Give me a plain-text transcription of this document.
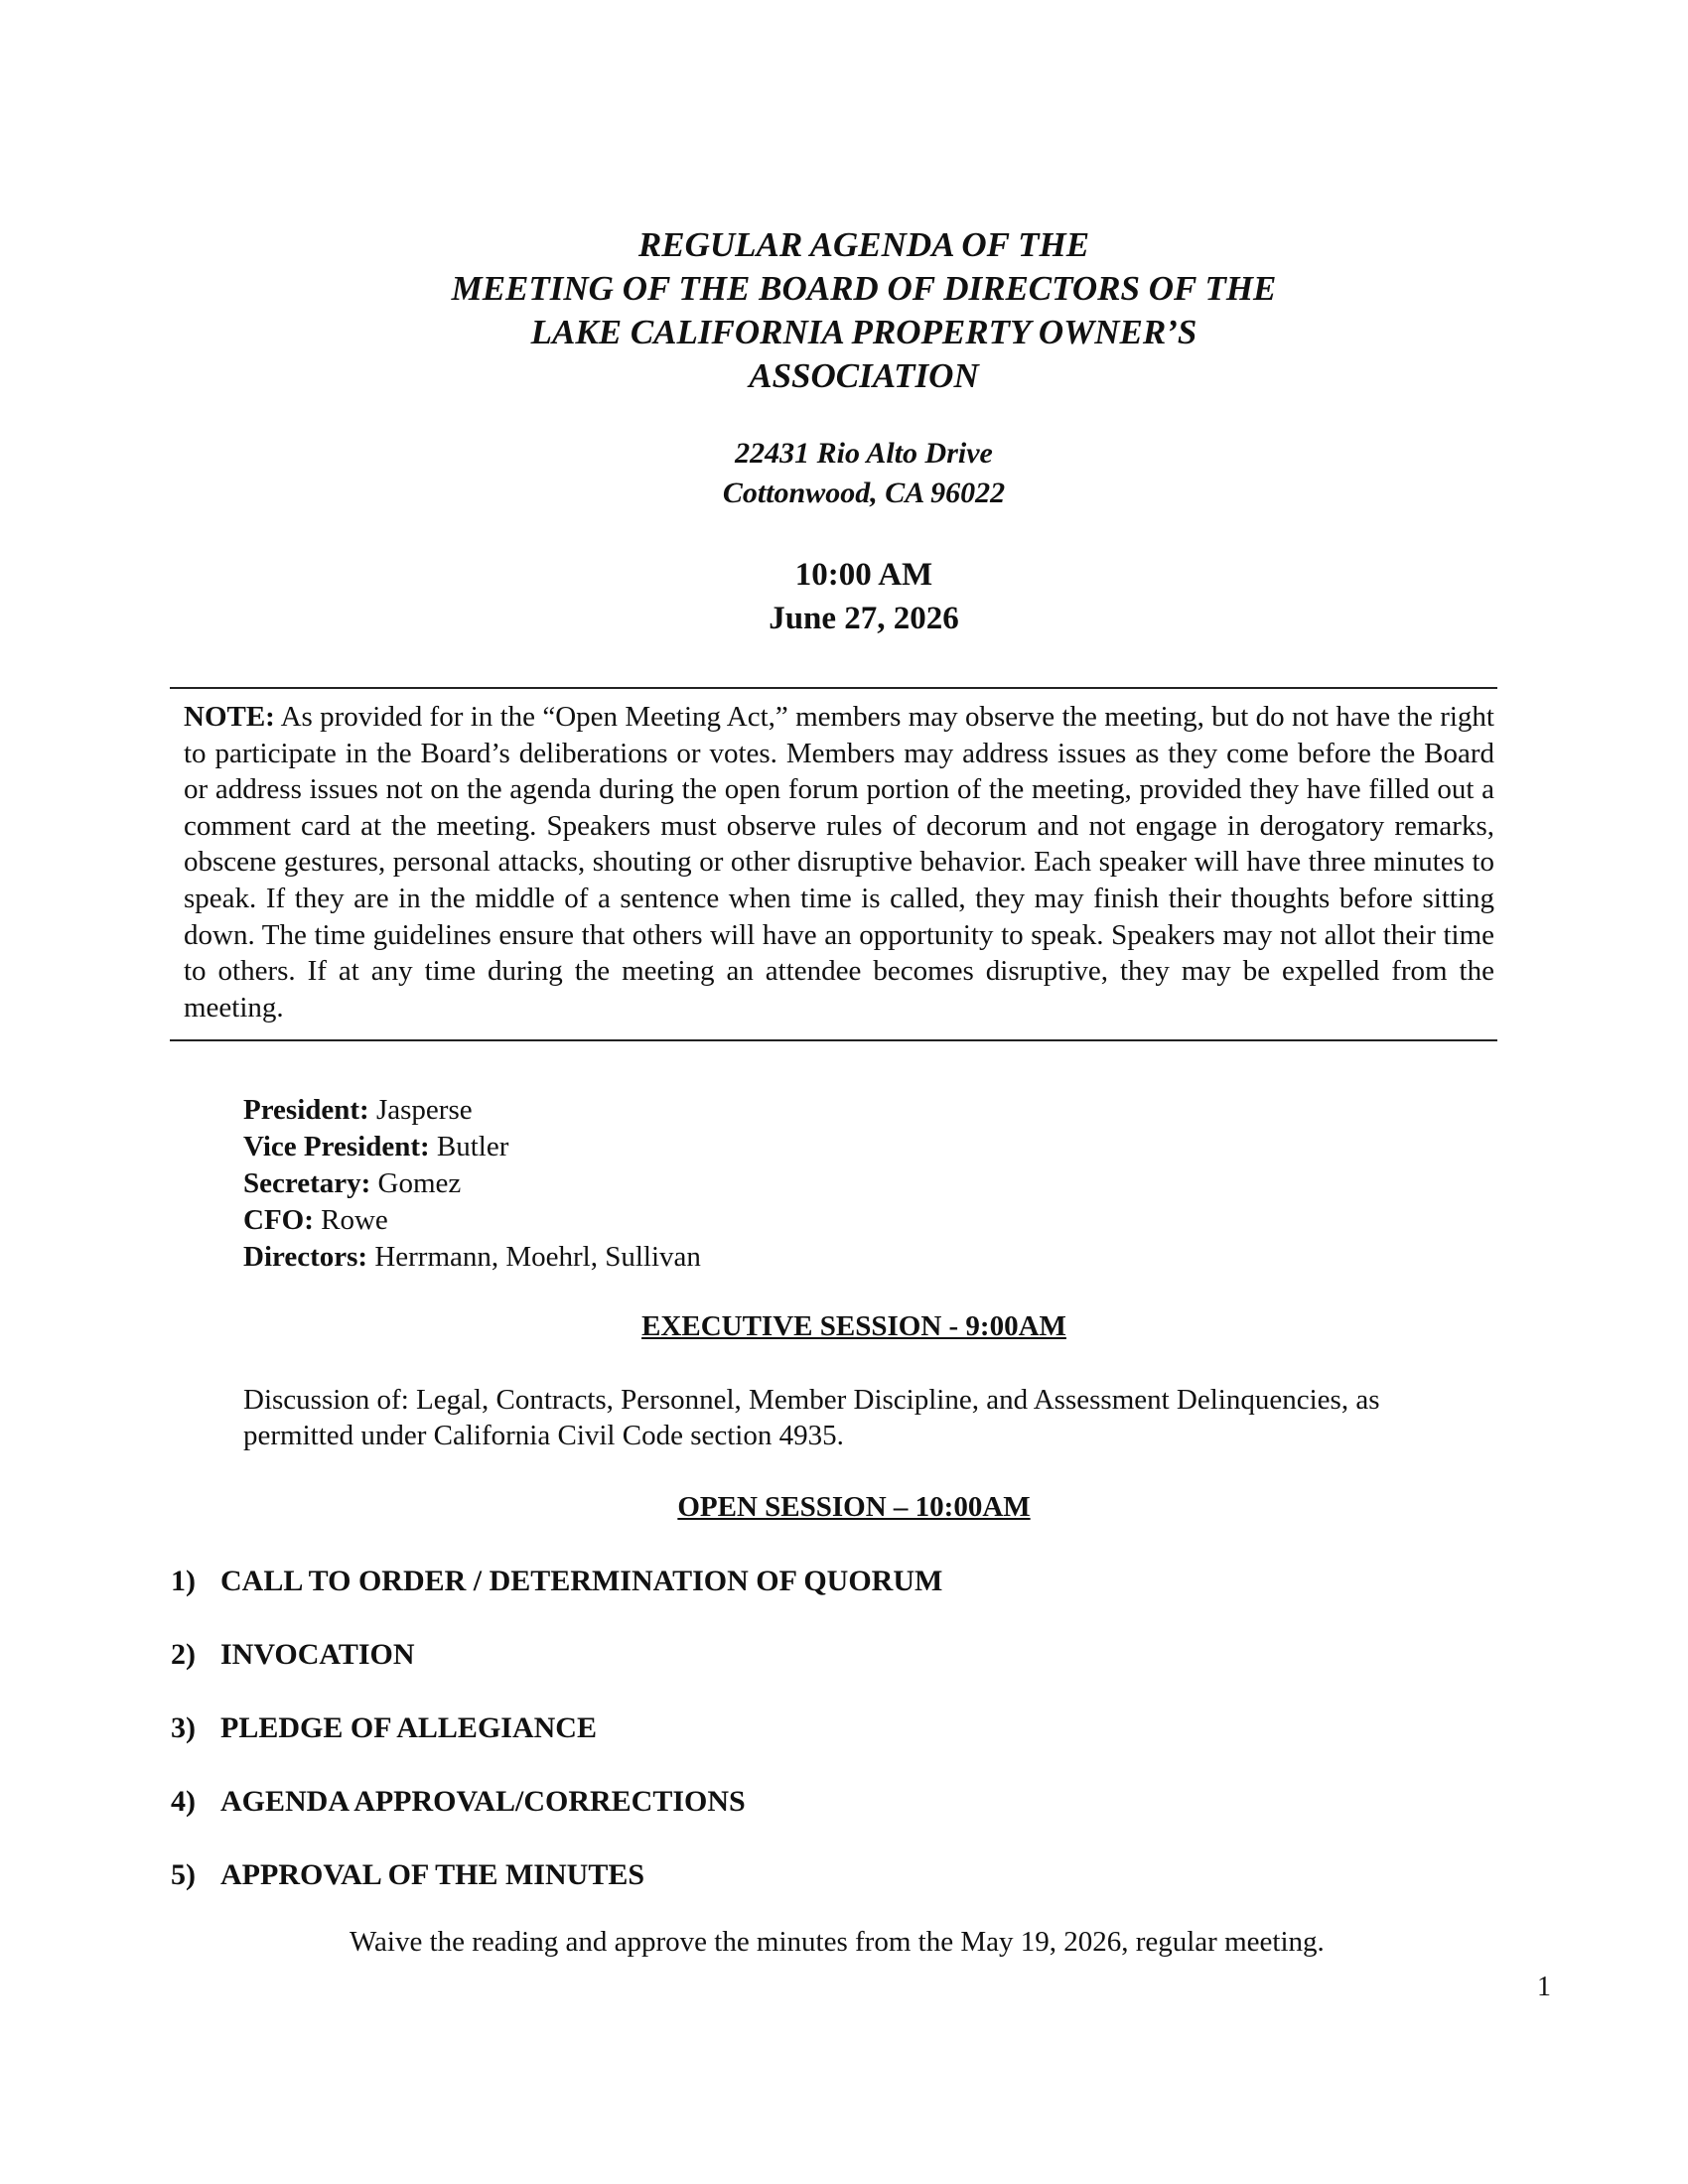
REGULAR AGENDA OF THE
MEETING OF THE BOARD OF DIRECTORS OF THE
LAKE CALIFORNIA PROPERTY OWNER’S
ASSOCIATION
22431 Rio Alto Drive
Cottonwood, CA 96022
10:00 AM
June 27, 2026
NOTE: As provided for in the “Open Meeting Act,” members may observe the meeting, but do not have the right to participate in the Board’s deliberations or votes. Members may address issues as they come before the Board or address issues not on the agenda during the open forum portion of the meeting, provided they have filled out a comment card at the meeting. Speakers must observe rules of decorum and not engage in derogatory remarks, obscene gestures, personal attacks, shouting or other disruptive behavior. Each speaker will have three minutes to speak. If they are in the middle of a sentence when time is called, they may finish their thoughts before sitting down. The time guidelines ensure that others will have an opportunity to speak. Speakers may not allot their time to others. If at any time during the meeting an attendee becomes disruptive, they may be expelled from the meeting.
President: Jasperse
Vice President: Butler
Secretary: Gomez
CFO: Rowe
Directors: Herrmann, Moehrl, Sullivan
EXECUTIVE SESSION - 9:00AM
Discussion of: Legal, Contracts, Personnel, Member Discipline, and Assessment Delinquencies, as permitted under California Civil Code section 4935.
OPEN SESSION – 10:00AM
1) CALL TO ORDER / DETERMINATION OF QUORUM
2) INVOCATION
3) PLEDGE OF ALLEGIANCE
4) AGENDA APPROVAL/CORRECTIONS
5) APPROVAL OF THE MINUTES
Waive the reading and approve the minutes from the May 19, 2026, regular meeting.
1
